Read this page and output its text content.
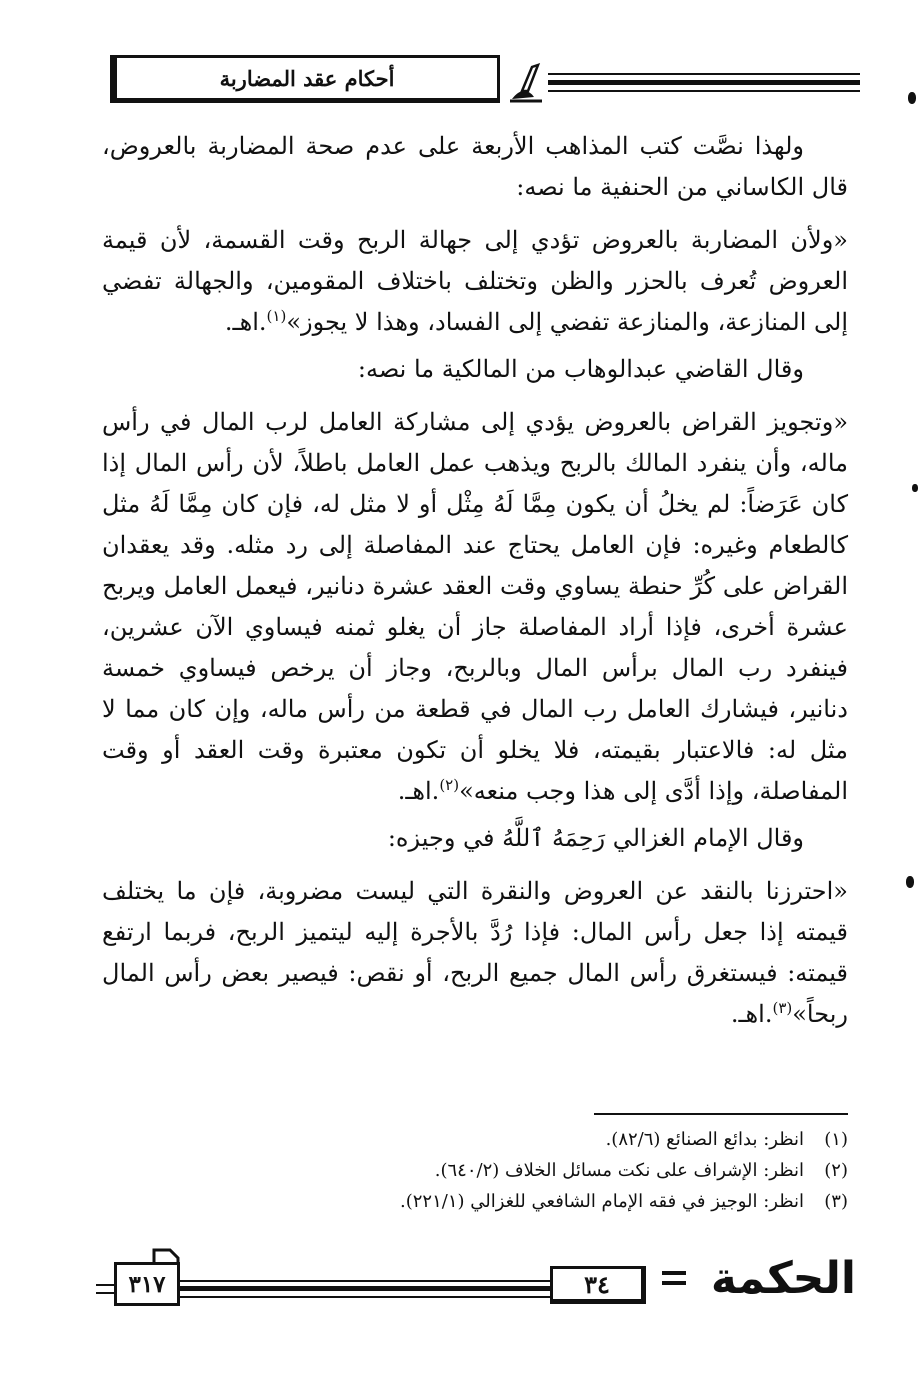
أحكام عقد المضاربة

ولهذا نصَّت كتب المذاهب الأربعة على عدم صحة المضاربة بالعروض، قال الكاساني من الحنفية ما نصه:

«ولأن المضاربة بالعروض تؤدي إلى جهالة الربح وقت القسمة، لأن قيمة العروض تُعرف بالحزر والظن وتختلف باختلاف المقومين، والجهالة تفضي إلى المنازعة، والمنازعة تفضي إلى الفساد، وهذا لا يجوز»$^{(١)}$.اهـ.

وقال القاضي عبدالوهاب من المالكية ما نصه:

«وتجويز القراض بالعروض يؤدي إلى مشاركة العامل لرب المال في رأس ماله، وأن ينفرد المالك بالربح ويذهب عمل العامل باطلاً، لأن رأس المال إذا كان عَرَضاً: لم يخلُ أن يكون مِمَّا لَهُ مِثْل أو لا مثل له، فإن كان مِمَّا لَهُ مثل كالطعام وغيره: فإن العامل يحتاج عند المفاصلة إلى رد مثله. وقد يعقدان القراض على كُرِّ حنطة يساوي وقت العقد عشرة دنانير، فيعمل العامل ويربح عشرة أخرى، فإذا أراد المفاصلة جاز أن يغلو ثمنه فيساوي الآن عشرين، فينفرد رب المال برأس المال وبالربح، وجاز أن يرخص فيساوي خمسة دنانير، فيشارك العامل رب المال في قطعة من رأس ماله، وإن كان مما لا مثل له: فالاعتبار بقيمته، فلا يخلو أن تكون معتبرة وقت العقد أو وقت المفاصلة، وإذا أدَّى إلى هذا وجب منعه»$^{(٢)}$.اهـ.

وقال الإمام الغزالي رَحِمَهُ ٱللَّهُ في وجيزه:

«احترزنا بالنقد عن العروض والنقرة التي ليست مضروبة، فإن ما يختلف قيمته إذا جعل رأس المال: فإذا رُدَّ بالأجرة إليه ليتميز الربح، فربما ارتفع قيمته: فيستغرق رأس المال جميع الربح، أو نقص: فيصير بعض رأس المال ربحاً»$^{(٣)}$.اهـ.

(١)انظر: بدائع الصنائع (٨٢/٦).

(٢)انظر: الإشراف على نكت مسائل الخلاف (٦٤٠/٢).

(٣)انظر: الوجيز في فقه الإمام الشافعي للغزالي (٢٢١/١).

٣١٧	٣٤	الحكمة
